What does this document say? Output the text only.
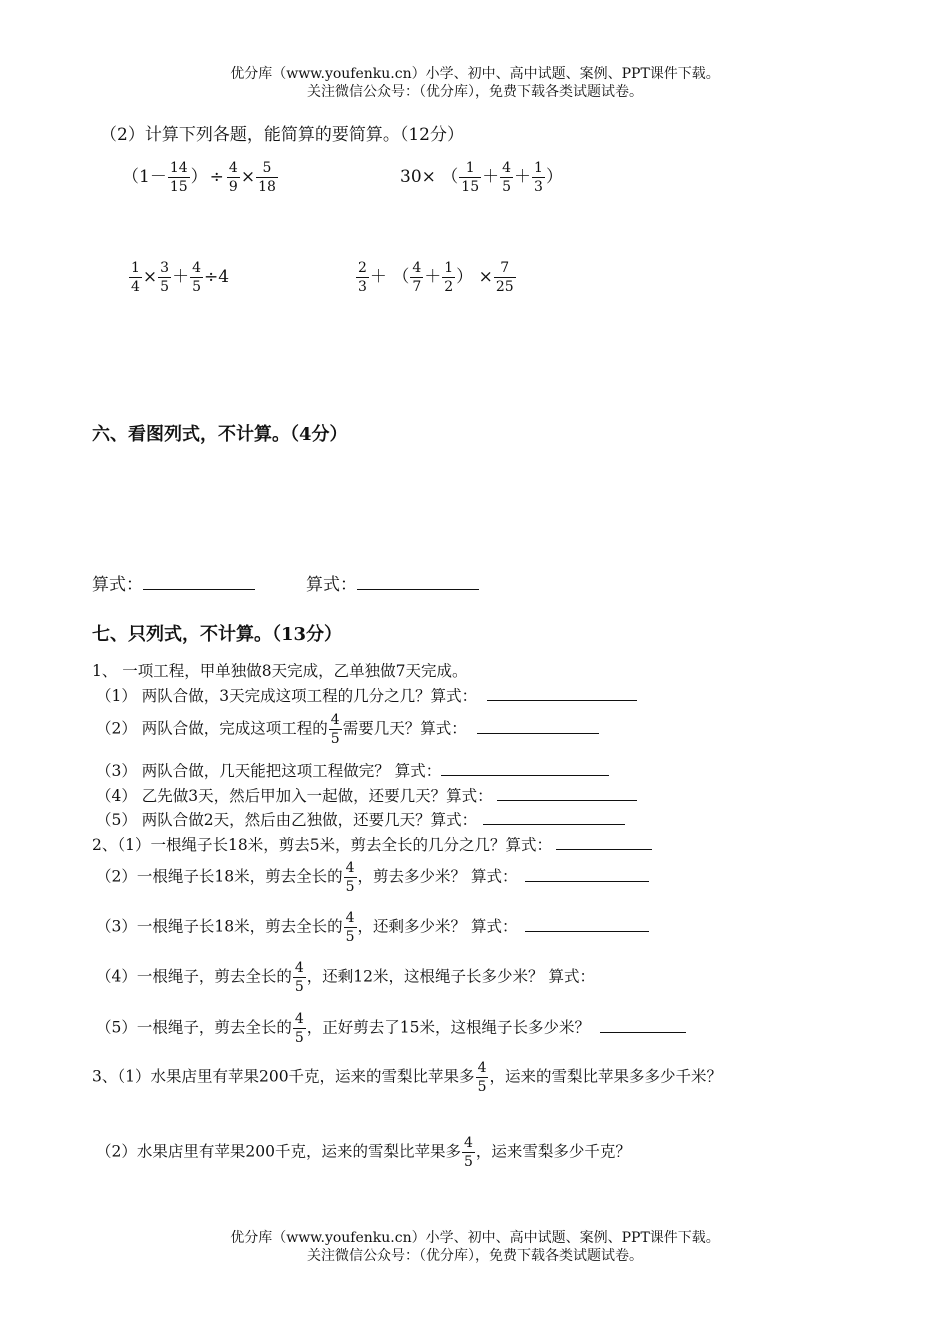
优分库（www.youfenku.cn）小学、初中、高中试题、案例、PPT课件下载。
关注微信公众号：（优分库），免费下载各类试题试卷。
（2）计算下列各题，能简算的要简算。（12分）
（$1- \frac{14}{15}$ ） ÷ $\frac{4}{9} \times \frac{5}{18}$	30× （ $\frac{1}{15} + \frac{4}{5} + \frac{1}{3}$ ）
$\frac{1}{4} \times \frac{3}{5} + \frac{4}{5} \div 4$	$\frac{2}{3}$ ＋ （ $\frac{4}{7} + \frac{1}{2}$ ） × $\frac{7}{25}$
六、看图列式，不计算。（4分）
算式：	算式：
七、只列式，不计算。（13分）
1、 一项工程，甲单独做8天完成，乙单独做7天完成。
（1） 两队合做，3天完成这项工程的几分之几？算式：
（2） 两队合做，完成这项工程的 $\frac{4}{5}$ 需要几天？算式：
（3） 两队合做，几天能把这项工程做完？ 算式：
（4） 乙先做3天，然后甲加入一起做，还要几天？算式：
（5） 两队合做2天，然后由乙独做，还要几天？算式：
2、（1）一根绳子长18米，剪去5米，剪去全长的几分之几？算式：
（2）一根绳子长18米，剪去全长的 $\frac{4}{5}$ ，剪去多少米？ 算式：
（3）一根绳子长18米，剪去全长的 $\frac{4}{5}$ ，还剩多少米？ 算式：
（4）一根绳子，剪去全长的 $\frac{4}{5}$ ，还剩12米，这根绳子长多少米？ 算式：
（5）一根绳子，剪去全长的 $\frac{4}{5}$ ，正好剪去了15米，这根绳子长多少米？
3、（1）水果店里有苹果200千克，运来的雪梨比苹果多 $\frac{4}{5}$ ，运来的雪梨比苹果多多少千米？
（2）水果店里有苹果200千克，运来的雪梨比苹果多 $\frac{4}{5}$ ，运来雪梨多少千克？
优分库（www.youfenku.cn）小学、初中、高中试题、案例、PPT课件下载。
关注微信公众号：（优分库），免费下载各类试题试卷。
